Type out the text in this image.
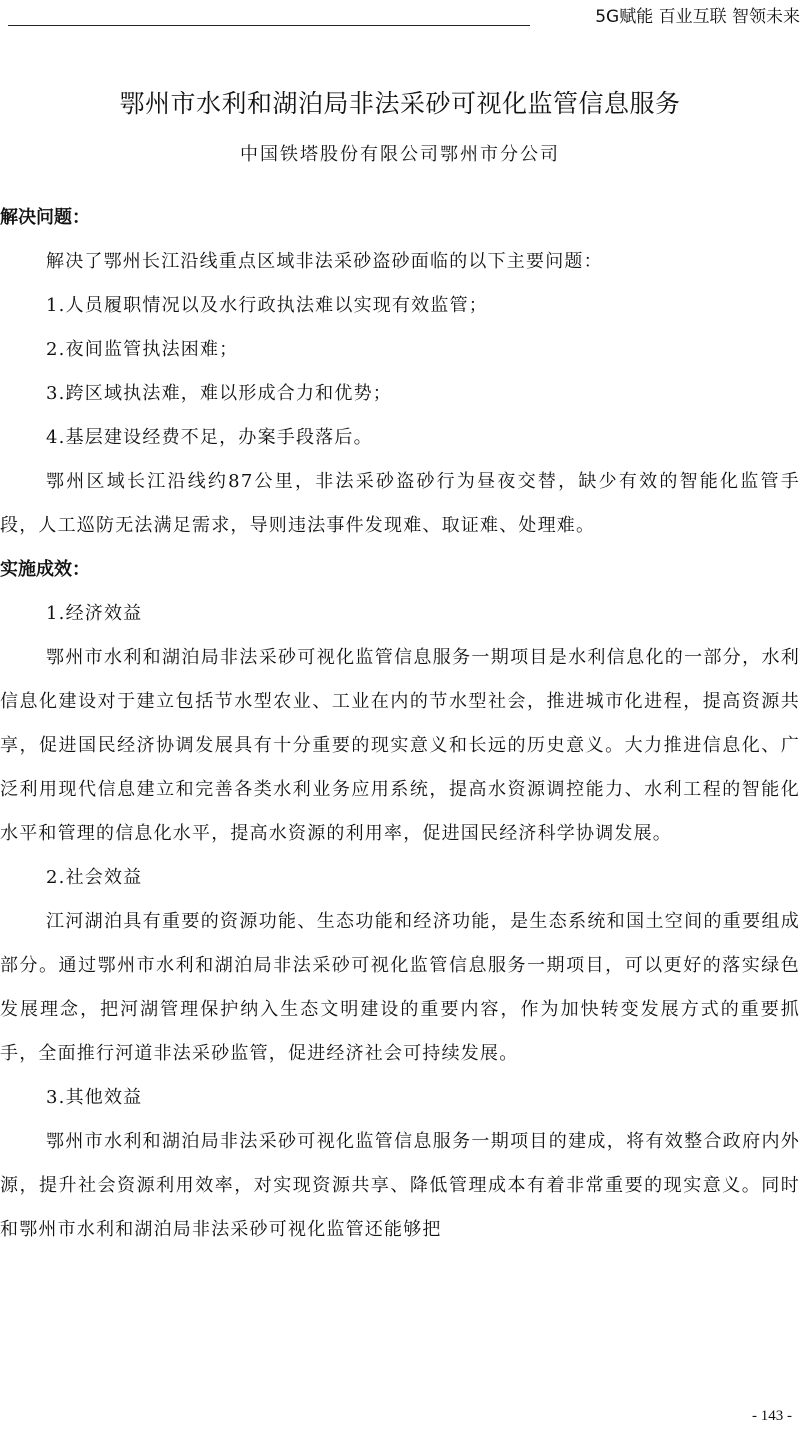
5G赋能 百业互联 智领未来
鄂州市水利和湖泊局非法采砂可视化监管信息服务
中国铁塔股份有限公司鄂州市分公司

解决问题：

解决了鄂州长江沿线重点区域非法采砂盗砂面临的以下主要问题：

1.人员履职情况以及水行政执法难以实现有效监管；

2.夜间监管执法困难；

3.跨区域执法难，难以形成合力和优势；

4.基层建设经费不足，办案手段落后。

鄂州区域长江沿线约87公里，非法采砂盗砂行为昼夜交替，缺少有效的智能化监管手段，人工巡防无法满足需求，导则违法事件发现难、取证难、处理难。

实施成效：

1.经济效益

鄂州市水利和湖泊局非法采砂可视化监管信息服务一期项目是水利信息化的一部分，水利信息化建设对于建立包括节水型农业、工业在内的节水型社会，推进城市化进程，提高资源共享，促进国民经济协调发展具有十分重要的现实意义和长远的历史意义。大力推进信息化、广泛利用现代信息建立和完善各类水利业务应用系统，提高水资源调控能力、水利工程的智能化水平和管理的信息化水平，提高水资源的利用率，促进国民经济科学协调发展。

2.社会效益

江河湖泊具有重要的资源功能、生态功能和经济功能，是生态系统和国土空间的重要组成部分。通过鄂州市水利和湖泊局非法采砂可视化监管信息服务一期项目，可以更好的落实绿色发展理念，把河湖管理保护纳入生态文明建设的重要内容，作为加快转变发展方式的重要抓手，全面推行河道非法采砂监管，促进经济社会可持续发展。

3.其他效益

鄂州市水利和湖泊局非法采砂可视化监管信息服务一期项目的建成，将有效整合政府内外源，提升社会资源利用效率，对实现资源共享、降低管理成本有着非常重要的现实意义。同时和鄂州市水利和湖泊局非法采砂可视化监管还能够把

- 143 -
